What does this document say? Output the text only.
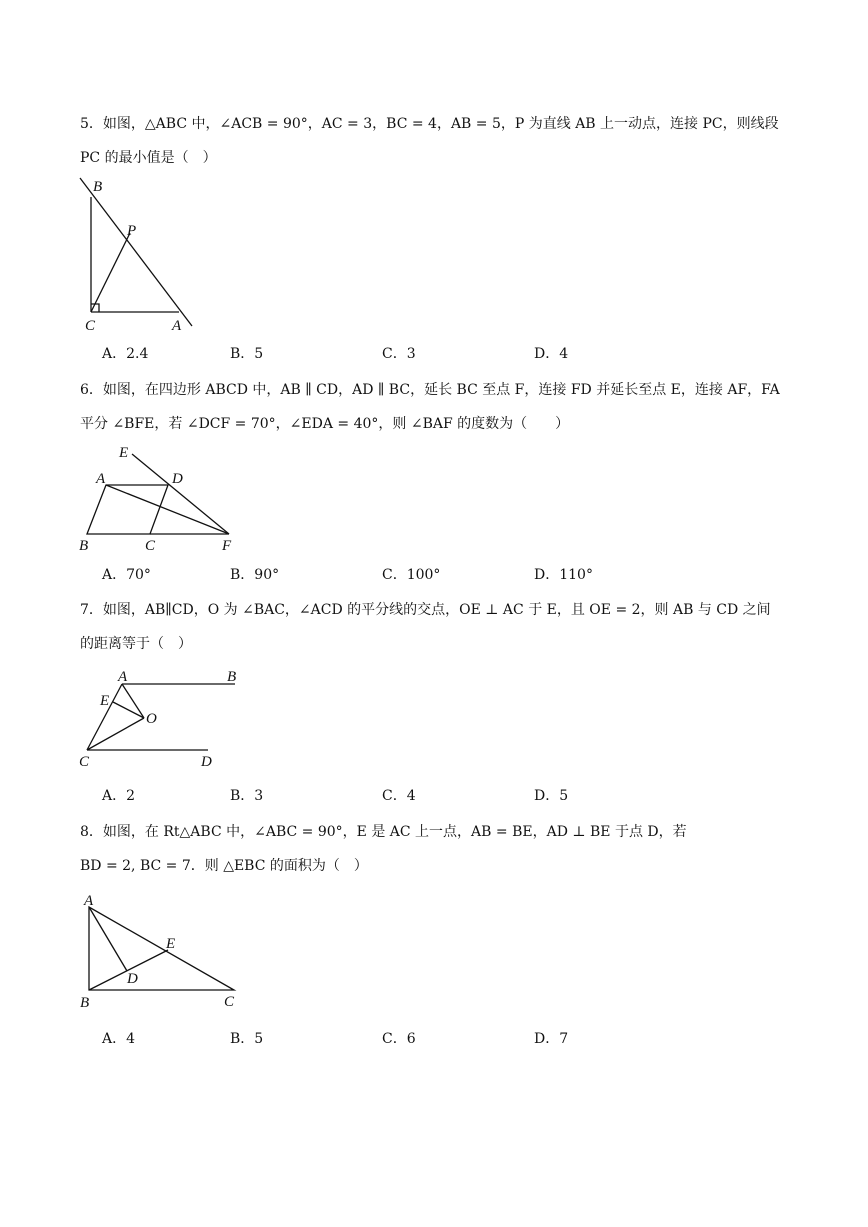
5．如图，△ABC 中，∠ACB = 90°，AC = 3，BC = 4，AB = 5，P 为直线 AB 上一动点，连接 PC，则线段
PC 的最小值是（　）
B
P
C	A
A．2.4	B．5	C．3	D．4
6．如图，在四边形 ABCD 中，AB ∥ CD，AD ∥ BC，延长 BC 至点 F，连接 FD 并延长至点 E，连接 AF，FA
平分 ∠BFE，若 ∠DCF = 70°，∠EDA = 40°，则 ∠BAF 的度数为（　　）
E
A	D
B	C	F
A．70°	B．90°	C．100°	D．110°
7．如图，AB∥CD，O 为 ∠BAC，∠ACD 的平分线的交点，OE ⊥ AC 于 E，且 OE = 2，则 AB 与 CD 之间
的距离等于（　）
A	B
E
O
C	D
A．2	B．3	C．4	D．5
8．如图，在 Rt△ABC 中，∠ABC = 90°，E 是 AC 上一点，AB = BE，AD ⊥ BE 于点 D，若
BD = 2, BC = 7．则 △EBC 的面积为（　）
A
E
D
B	C
A．4	B．5	C．6	D．7
